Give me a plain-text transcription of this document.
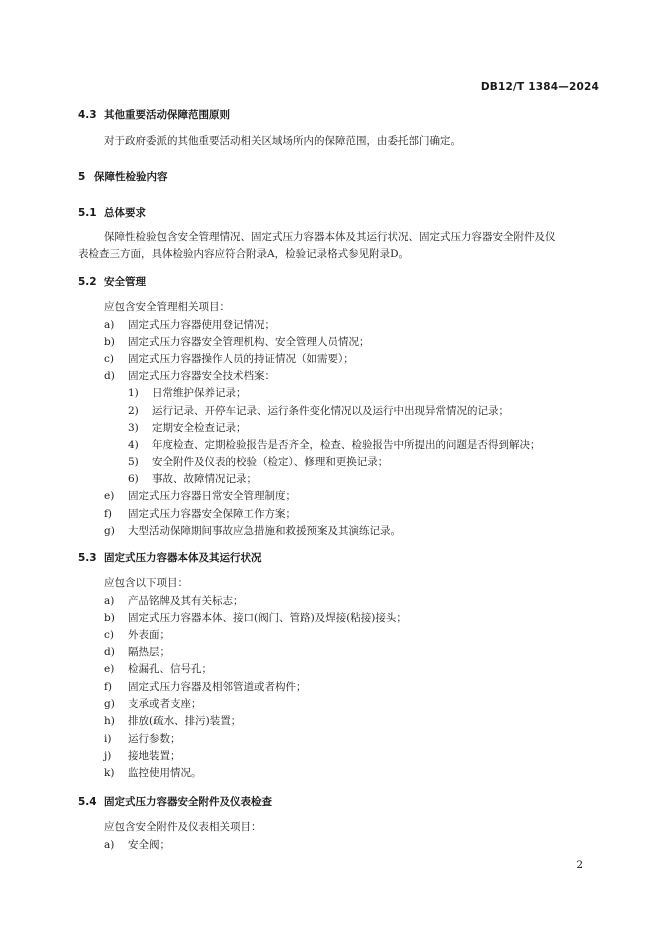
DB12/T 1384—2024
4.3 其他重要活动保障范围原则
对于政府委派的其他重要活动相关区域场所内的保障范围，由委托部门确定。
5 保障性检验内容
5.1 总体要求
保障性检验包含安全管理情况、固定式压力容器本体及其运行状况、固定式压力容器安全附件及仪
表检查三方面，具体检验内容应符合附录A，检验记录格式参见附录D。
5.2 安全管理
应包含安全管理相关项目：
a) 固定式压力容器使用登记情况；
b) 固定式压力容器安全管理机构、安全管理人员情况；
c) 固定式压力容器操作人员的持证情况（如需要）；
d) 固定式压力容器安全技术档案：
1) 日常维护保养记录；
2) 运行记录、开停车记录、运行条件变化情况以及运行中出现异常情况的记录；
3) 定期安全检查记录；
4) 年度检查、定期检验报告是否齐全，检查、检验报告中所提出的问题是否得到解决；
5) 安全附件及仪表的校验（检定）、修理和更换记录；
6) 事故、故障情况记录；
e) 固定式压力容器日常安全管理制度；
f) 固定式压力容器安全保障工作方案；
g) 大型活动保障期间事故应急措施和救援预案及其演练记录。
5.3 固定式压力容器本体及其运行状况
应包含以下项目：
a) 产品铭牌及其有关标志；
b) 固定式压力容器本体、接口(阀门、管路)及焊接(粘接)接头；
c) 外表面；
d) 隔热层；
e) 检漏孔、信号孔；
f) 固定式压力容器及相邻管道或者构件；
g) 支承或者支座；
h) 排放(疏水、排污)装置；
i) 运行参数；
j) 接地装置；
k) 监控使用情况。
5.4 固定式压力容器安全附件及仪表检查
应包含安全附件及仪表相关项目：
a) 安全阀；
2
